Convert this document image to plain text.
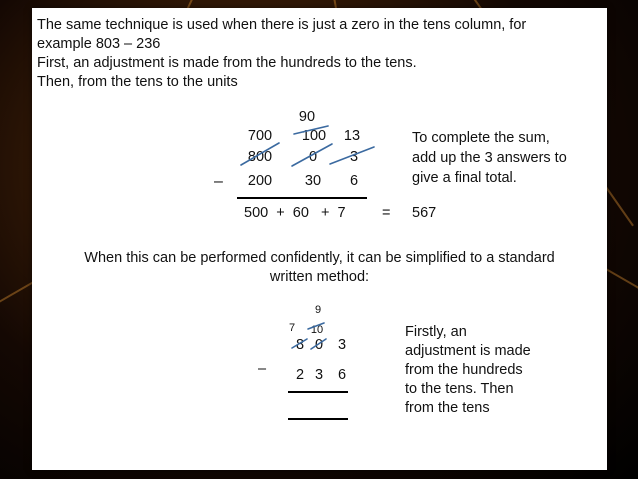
The same technique is used when there is just a zero in the tens column, for
example 803 – 236
First, an adjustment is made from the hundreds to the tens.
Then, from the tens to the units
90
700	100	13
800	0	3
–	200	30	6
500  +  60   +  7	= 567
To complete the sum,
add up the 3 answers to
give a final total.
When this can be performed confidently, it can be simplified to a standard
written method:
9
7	10
8 0 3
– 2 3 6
Firstly, an
adjustment is made
from the hundreds
to the tens. Then
from the tens
